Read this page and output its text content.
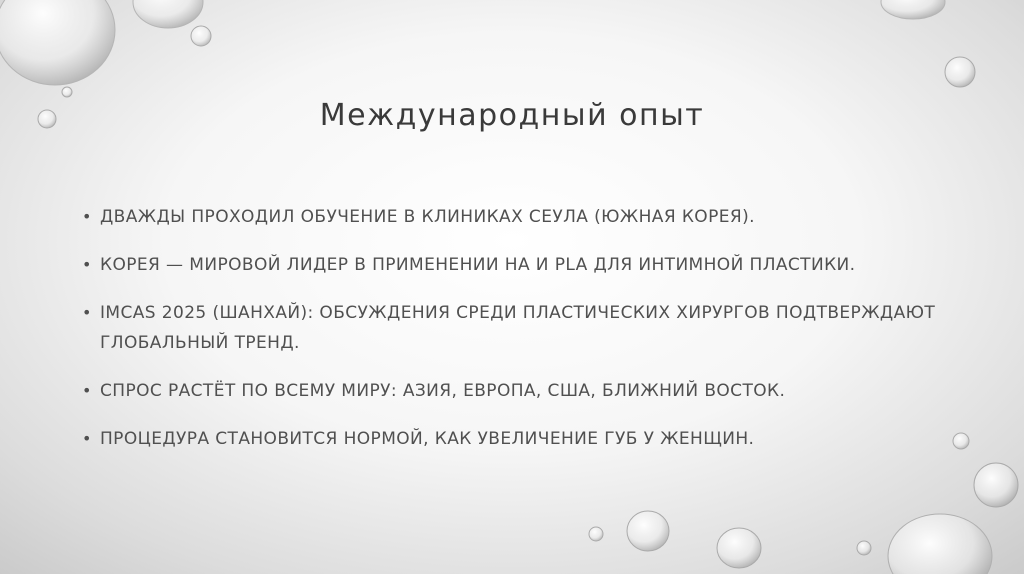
Международный опыт
• ДВАЖДЫ ПРОХОДИЛ ОБУЧЕНИЕ В КЛИНИКАХ СЕУЛА (ЮЖНАЯ КОРЕЯ).
• КОРЕЯ — МИРОВОЙ ЛИДЕР В ПРИМЕНЕНИИ HA И PLA ДЛЯ ИНТИМНОЙ ПЛАСТИКИ.
• IMCAS 2025 (ШАНХАЙ): ОБСУЖДЕНИЯ СРЕДИ ПЛАСТИЧЕСКИХ ХИРУРГОВ ПОДТВЕРЖДАЮТ ГЛОБАЛЬНЫЙ ТРЕНД.
• СПРОС РАСТЁТ ПО ВСЕМУ МИРУ: АЗИЯ, ЕВРОПА, США, БЛИЖНИЙ ВОСТОК.
• ПРОЦЕДУРА СТАНОВИТСЯ НОРМОЙ, КАК УВЕЛИЧЕНИЕ ГУБ У ЖЕНЩИН.
